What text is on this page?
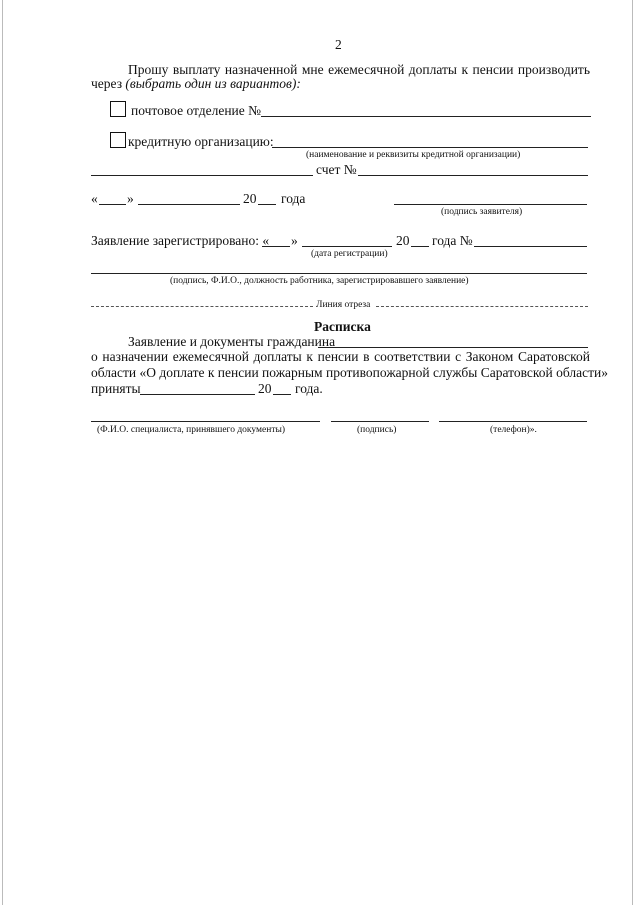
2
Прошу выплату назначенной мне ежемесячной доплаты к пенсии производить
через (выбрать один из вариантов):
почтовое отделение №
кредитную организацию:
(наименование и реквизиты кредитной организации)
счет №
« »	20 года
(подпись заявителя)
Заявление зарегистрировано: « »	20 года №
(дата регистрации)
(подпись, Ф.И.О., должность работника, зарегистрировавшего заявление)
Линия отреза
Расписка
Заявление и документы гражданина
о назначении ежемесячной доплаты к пенсии в соответствии с Законом Саратовской
области «О доплате к пенсии пожарным противопожарной службы Саратовской области»
приняты	20 года.
(Ф.И.О. специалиста, принявшего документы)	(подпись)	(телефон)».
